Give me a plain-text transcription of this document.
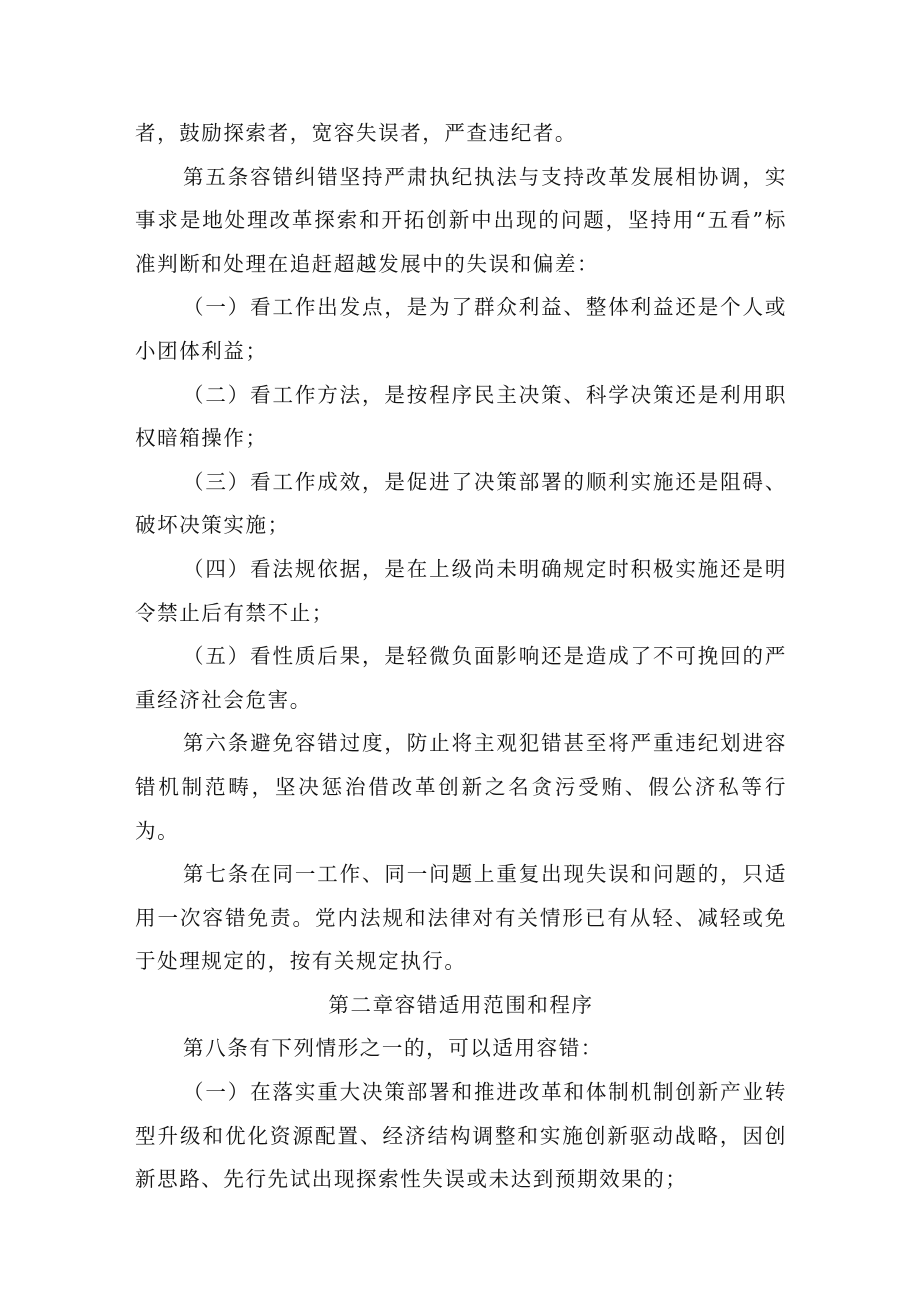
者，鼓励探索者，宽容失误者，严查违纪者。

第五条容错纠错坚持严肃执纪执法与支持改革发展相协调，实事求是地处理改革探索和开拓创新中出现的问题，坚持用“五看”标准判断和处理在追赶超越发展中的失误和偏差：

（一）看工作出发点，是为了群众利益、整体利益还是个人或小团体利益；

（二）看工作方法，是按程序民主决策、科学决策还是利用职权暗箱操作；

（三）看工作成效，是促进了决策部署的顺利实施还是阻碍、破坏决策实施；

（四）看法规依据，是在上级尚未明确规定时积极实施还是明令禁止后有禁不止；

（五）看性质后果，是轻微负面影响还是造成了不可挽回的严重经济社会危害。

第六条避免容错过度，防止将主观犯错甚至将严重违纪划进容错机制范畴，坚决惩治借改革创新之名贪污受贿、假公济私等行为。

第七条在同一工作、同一问题上重复出现失误和问题的，只适用一次容错免责。党内法规和法律对有关情形已有从轻、减轻或免于处理规定的，按有关规定执行。

第二章容错适用范围和程序

第八条有下列情形之一的，可以适用容错：

（一）在落实重大决策部署和推进改革和体制机制创新产业转型升级和优化资源配置、经济结构调整和实施创新驱动战略，因创新思路、先行先试出现探索性失误或未达到预期效果的；
